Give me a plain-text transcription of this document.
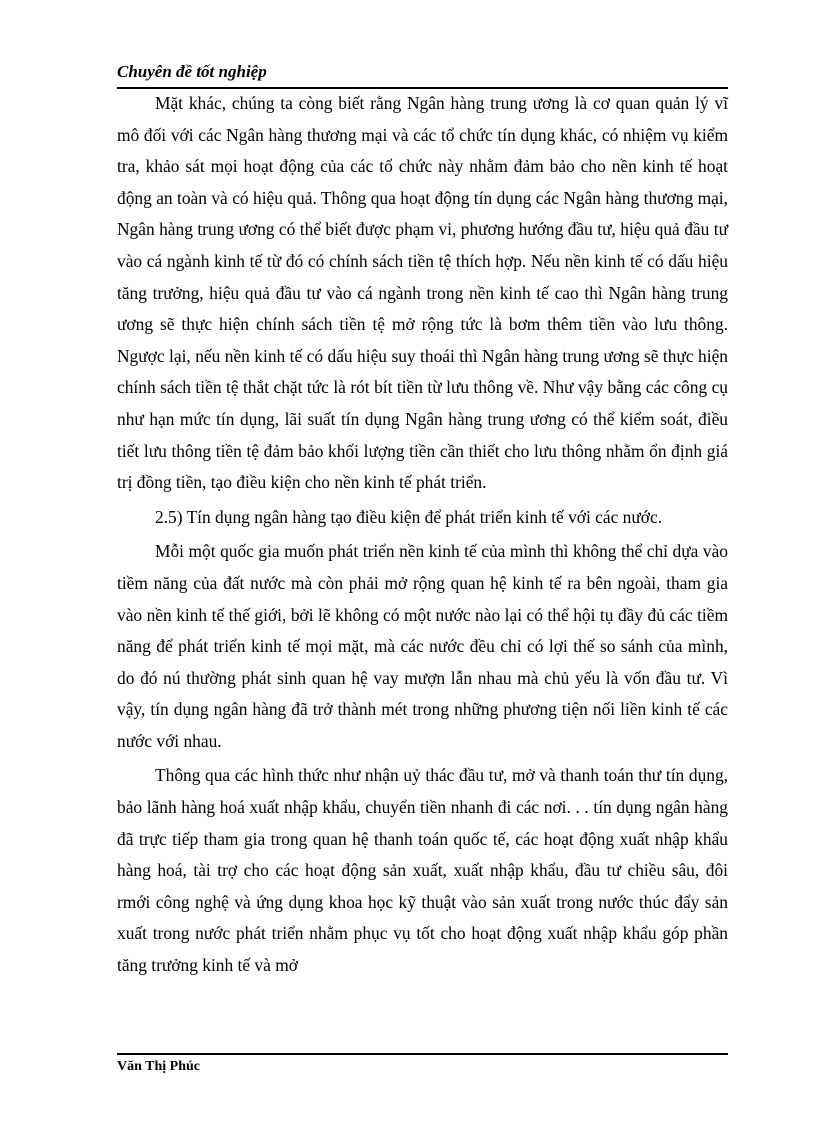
Chuyên đề tốt nghiệp

Mặt khác, chúng ta còng biết rằng Ngân hàng trung ương là cơ quan quản lý vĩ mô đối với các Ngân hàng thương mại và các tổ chức tín dụng khác, có nhiệm vụ kiểm tra, khảo sát mọi hoạt động của các tổ chức này nhằm đảm bảo cho nền kinh tế hoạt động an toàn và có hiệu quả. Thông qua hoạt động tín dụng các Ngân hàng thương mại, Ngân hàng trung ương có thể biết được phạm vi, phương hướng đầu tư, hiệu quả đầu tư vào cá ngành kinh tế từ đó có chính sách tiền tệ thích hợp. Nếu nền kinh tế có dấu hiệu tăng trưởng, hiệu quả đầu tư vào cá ngành trong nền kinh tế cao thì Ngân hàng trung ương sẽ thực hiện chính sách tiền tệ mở rộng tức là bơm thêm tiền vào lưu thông. Ngược lại, nếu nền kinh tế có dấu hiệu suy thoái thì Ngân hàng trung ương sẽ thực hiện chính sách tiền tệ thắt chặt tức là rót bít tiền từ lưu thông về. Như vậy bằng các công cụ như hạn mức tín dụng, lãi suất tín dụng Ngân hàng trung ương có thể kiểm soát, điều tiết lưu thông tiền tệ đảm bảo khối lượng tiền cần thiết cho lưu thông nhằm ổn định giá trị đồng tiền, tạo điều kiện cho nền kinh tế phát triển.

2.5) Tín dụng ngân hàng tạo điều kiện để phát triển kinh tế với các nước.

Mỗi một quốc gia muốn phát triển nền kinh tế của mình thì không thể chỉ dựa vào tiềm năng của đất nước mà còn phải mở rộng quan hệ kinh tế ra bên ngoài, tham gia vào nền kinh tế thế giới, bởi lẽ không có một nước nào lại có thể hội tụ đầy đủ các tiềm năng để phát triển kinh tế mọi mặt, mà các nước đều chỉ có lợi thế so sánh của mình, do đó nú thường phát sinh quan hệ vay mượn lẫn nhau mà chủ yếu là vốn đầu tư. Vì vậy, tín dụng ngân hàng đã trở thành mét trong những phương tiện nối liền kinh tế các nước với nhau.

Thông qua các hình thức như nhận uỷ thác đầu tư, mở và thanh toán thư tín dụng, bảo lãnh hàng hoá xuất nhập khẩu, chuyển tiền nhanh đi các nơi. . . tín dụng ngân hàng đã trực tiếp tham gia trong quan hệ thanh toán quốc tế, các hoạt động xuất nhập khẩu hàng hoá, tài trợ cho các hoạt động sản xuất, xuất nhập khẩu, đầu tư chiều sâu, đôi rmới công nghệ và ứng dụng khoa học kỹ thuật vào sản xuất trong nước thúc đẩy sản xuất trong nước phát triển nhằm phục vụ tốt cho hoạt động xuất nhập khẩu góp phần tăng trưởng kinh tế và mở

Văn Thị Phúc
